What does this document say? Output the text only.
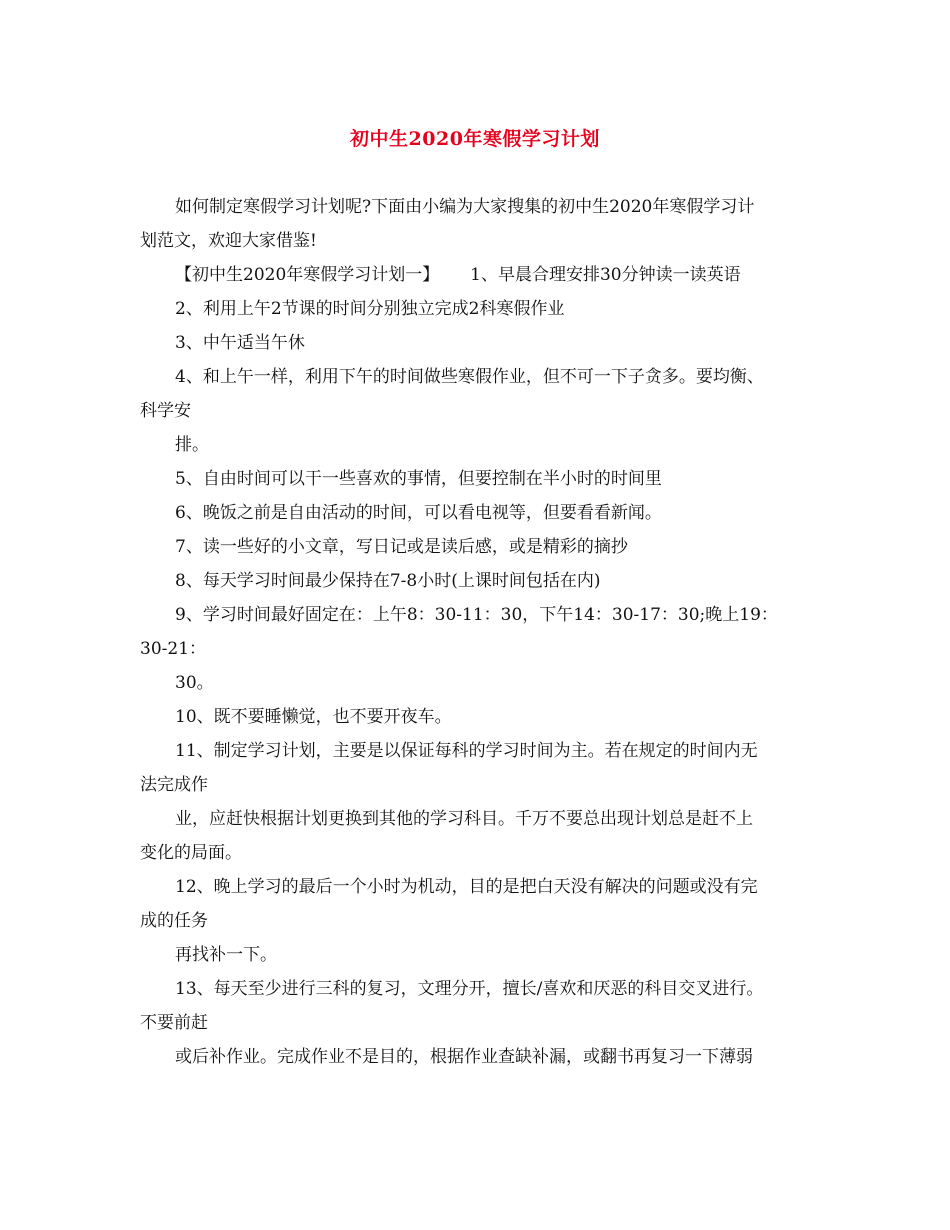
初中生2020年寒假学习计划
如何制定寒假学习计划呢?下面由小编为大家搜集的初中生2020年寒假学习计
划范文，欢迎大家借鉴!
【初中生2020年寒假学习计划一】　　 1、早晨合理安排30分钟读一读英语
2、利用上午2节课的时间分别独立完成2科寒假作业
3、中午适当午休
4、和上午一样，利用下午的时间做些寒假作业，但不可一下子贪多。要均衡、
科学安
排。
5、自由时间可以干一些喜欢的事情，但要控制在半小时的时间里
6、晚饭之前是自由活动的时间，可以看电视等，但要看看新闻。
7、读一些好的小文章，写日记或是读后感，或是精彩的摘抄
8、每天学习时间最少保持在7-8小时(上课时间包括在内)
9、学习时间最好固定在：上午8：30-11：30，下午14：30-17：30;晚上19：
30-21：
30。
10、既不要睡懒觉，也不要开夜车。
11、制定学习计划，主要是以保证每科的学习时间为主。若在规定的时间内无
法完成作
业，应赶快根据计划更换到其他的学习科目。千万不要总出现计划总是赶不上
变化的局面。
12、晚上学习的最后一个小时为机动，目的是把白天没有解决的问题或没有完
成的任务
再找补一下。
13、每天至少进行三科的复习，文理分开，擅长/喜欢和厌恶的科目交叉进行。
不要前赶
或后补作业。完成作业不是目的，根据作业查缺补漏，或翻书再复习一下薄弱
